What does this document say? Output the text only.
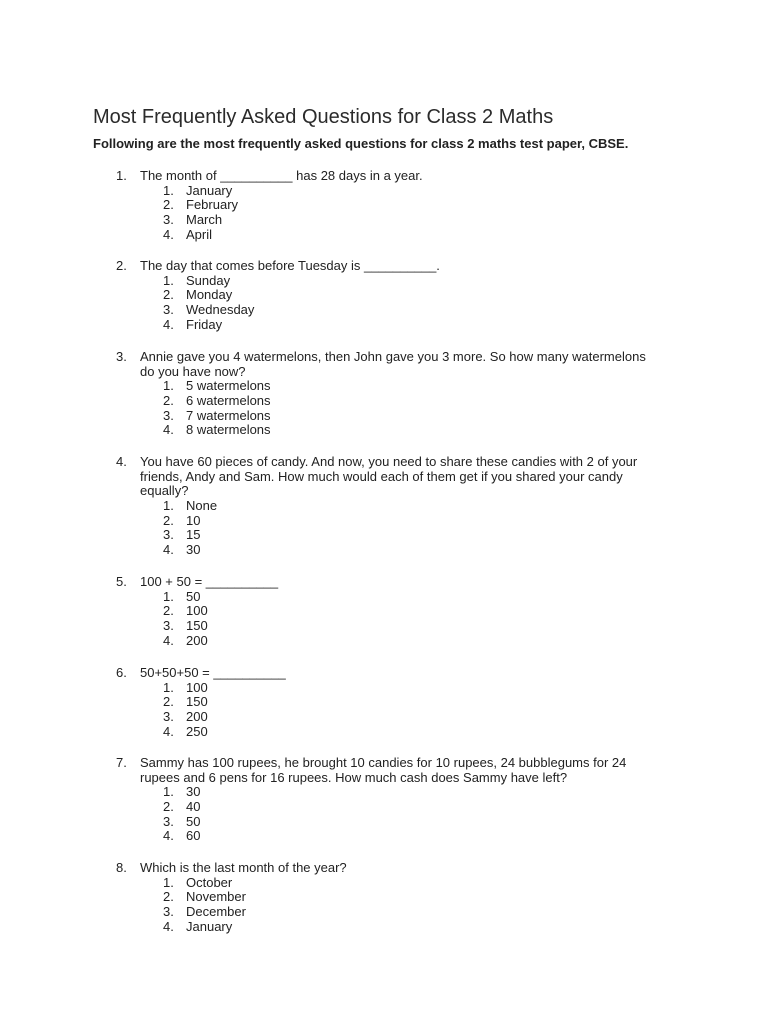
Most Frequently Asked Questions for Class 2 Maths

Following are the most frequently asked questions for class 2 maths test paper, CBSE.

1.	The month of __________ has 28 days in a year.
1. January
2. February
3. March
4. April
2.	The day that comes before Tuesday is __________.
1. Sunday
2. Monday
3. Wednesday
4. Friday
3.	Annie gave you 4 watermelons, then John gave you 3 more. So how many watermelons
do you have now?
1. 5 watermelons
2. 6 watermelons
3. 7 watermelons
4. 8 watermelons
4.	You have 60 pieces of candy. And now, you need to share these candies with 2 of your
friends, Andy and Sam. How much would each of them get if you shared your candy
equally?
1. None
2. 10
3. 15
4. 30
5.	100 + 50 = __________
1. 50
2. 100
3. 150
4. 200
6.	50+50+50 = __________
1. 100
2. 150
3. 200
4. 250
7.	Sammy has 100 rupees, he brought 10 candies for 10 rupees, 24 bubblegums for 24
rupees and 6 pens for 16 rupees. How much cash does Sammy have left?
1. 30
2. 40
3. 50
4. 60
8.	Which is the last month of the year?
1. October
2. November
3. December
4. January
